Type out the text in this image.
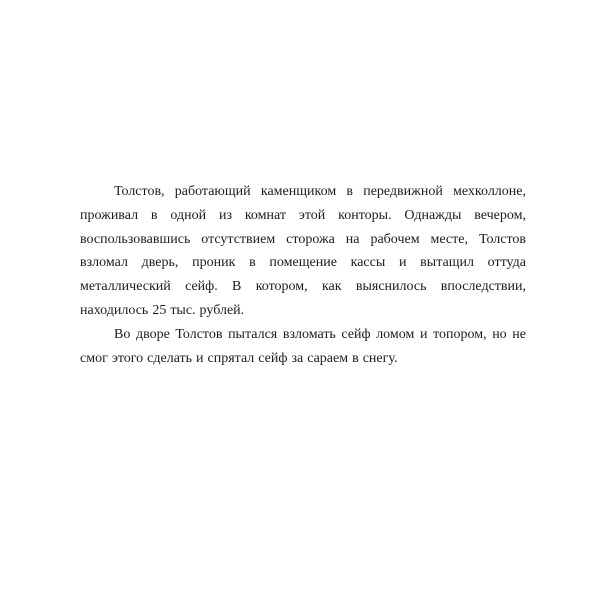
Толстов, работающий каменщиком в передвижной мехколлоне, проживал в одной из комнат этой конторы. Однажды вечером, воспользовавшись отсутствием сторожа на рабочем месте, Толстов взломал дверь, проник в помещение кассы и вытащил оттуда металлический сейф. В котором, как выяснилось впоследствии, находилось 25 тыс. рублей.

Во дворе Толстов пытался взломать сейф ломом и топором, но не смог этого сделать и спрятал сейф за сараем в снегу.
